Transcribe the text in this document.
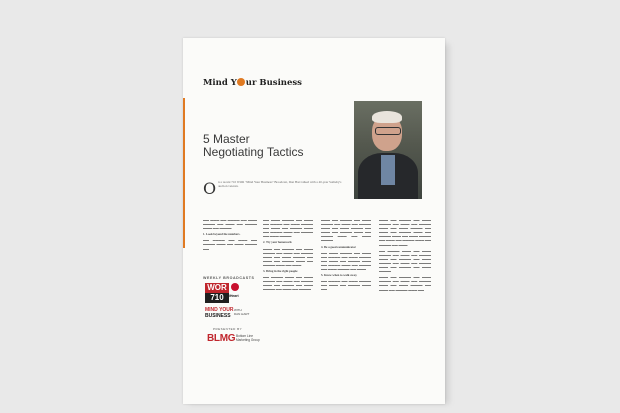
Mind Y ur Business
5 Master
Negotiating Tactics
O n a recent 710 WOR "Mind Your Business" Broadcast, Dan Hart talked with a 40-year Sotheby's auction veteran.

▬▬ ▬▬▬ ▬▬ ▬▬▬▬ ▬▬ ▬▬▬ ▬▬▬▬ ▬▬ ▬▬▬ ▬▬ ▬▬▬▬ ▬▬▬ ▬▬ ▬▬▬▬

1. Look beyond the numbers.

▬▬ ▬▬▬▬ ▬▬ ▬▬▬ ▬▬ ▬▬▬▬ ▬▬▬ ▬▬ ▬▬▬ ▬▬▬▬ ▬▬

WEEKLY BROADCASTS
WOR
710	iHeart
MIND YOUR
BUSINESS
WITH
DAN HART
PRESENTED BY
BLMG Bottom Line
Marketing Group

▬▬ ▬▬▬ ▬▬▬▬ ▬▬ ▬▬▬ ▬▬ ▬▬▬▬ ▬▬ ▬▬▬ ▬▬▬▬ ▬▬ ▬▬▬ ▬▬ ▬▬▬▬ ▬▬▬ ▬▬ ▬▬▬▬ ▬▬▬ ▬▬ ▬▬▬▬ ▬▬ ▬▬▬ ▬▬▬▬

2. Try your homework

▬▬▬ ▬▬ ▬▬▬▬ ▬▬ ▬▬▬ ▬▬▬▬ ▬▬ ▬▬▬ ▬▬ ▬▬▬▬ ▬▬▬ ▬▬ ▬▬▬ ▬▬▬▬ ▬▬ ▬▬▬ ▬▬ ▬▬▬▬ ▬▬▬ ▬▬ ▬▬▬▬ ▬▬▬ ▬▬ ▬▬▬

3. Bring in the right people

▬▬ ▬▬▬▬ ▬▬▬ ▬▬ ▬▬▬ ▬▬▬▬ ▬▬ ▬▬▬ ▬▬ ▬▬▬▬ ▬▬▬ ▬▬ ▬▬▬▬ ▬▬ ▬▬▬ ▬▬▬▬ ▬▬ ▬▬▬ ▬▬ ▬▬▬▬

▬▬▬ ▬▬ ▬▬▬▬ ▬▬ ▬▬▬ ▬▬▬▬ ▬▬ ▬▬▬ ▬▬ ▬▬▬▬ ▬▬▬ ▬▬ ▬▬▬ ▬▬▬▬ ▬▬ ▬▬▬ ▬▬ ▬▬▬▬ ▬▬▬ ▬▬ ▬▬▬▬ ▬▬▬ ▬▬ ▬▬▬ ▬▬▬▬

4. Be a good communicator

▬▬ ▬▬▬ ▬▬▬▬ ▬▬ ▬▬▬ ▬▬ ▬▬▬▬ ▬▬ ▬▬▬ ▬▬▬▬ ▬▬ ▬▬▬ ▬▬ ▬▬▬▬ ▬▬▬ ▬▬ ▬▬▬▬ ▬▬▬ ▬▬ ▬▬▬▬ ▬▬ ▬▬▬ ▬▬▬▬ ▬▬ ▬▬▬

5. Know when to walk away

▬▬ ▬▬▬▬ ▬▬ ▬▬▬ ▬▬▬▬ ▬▬ ▬▬▬ ▬▬ ▬▬▬▬ ▬▬▬ ▬▬

▬▬▬ ▬▬ ▬▬▬▬ ▬▬ ▬▬▬ ▬▬▬▬ ▬▬ ▬▬▬ ▬▬ ▬▬▬▬ ▬▬▬ ▬▬ ▬▬▬ ▬▬▬▬ ▬▬ ▬▬▬ ▬▬ ▬▬▬▬ ▬▬▬ ▬▬ ▬▬▬▬ ▬▬▬ ▬▬ ▬▬▬ ▬▬▬▬ ▬▬ ▬▬▬ ▬▬ ▬▬▬▬ ▬▬▬ ▬▬ ▬▬▬▬ ▬▬ ▬▬▬

▬▬ ▬▬▬▬ ▬▬▬ ▬▬ ▬▬▬ ▬▬▬▬ ▬▬ ▬▬▬ ▬▬ ▬▬▬▬ ▬▬▬ ▬▬ ▬▬▬▬ ▬▬ ▬▬▬ ▬▬▬▬ ▬▬ ▬▬▬ ▬▬ ▬▬▬▬ ▬▬▬ ▬▬ ▬▬▬▬ ▬▬ ▬▬▬ ▬▬▬▬

▬▬▬ ▬▬ ▬▬▬▬ ▬▬ ▬▬▬ ▬▬▬▬ ▬▬ ▬▬▬ ▬▬ ▬▬▬▬ ▬▬▬ ▬▬ ▬▬▬ ▬▬▬▬ ▬▬ ▬▬▬ ▬▬ ▬▬▬▬ ▬▬▬ ▬▬
